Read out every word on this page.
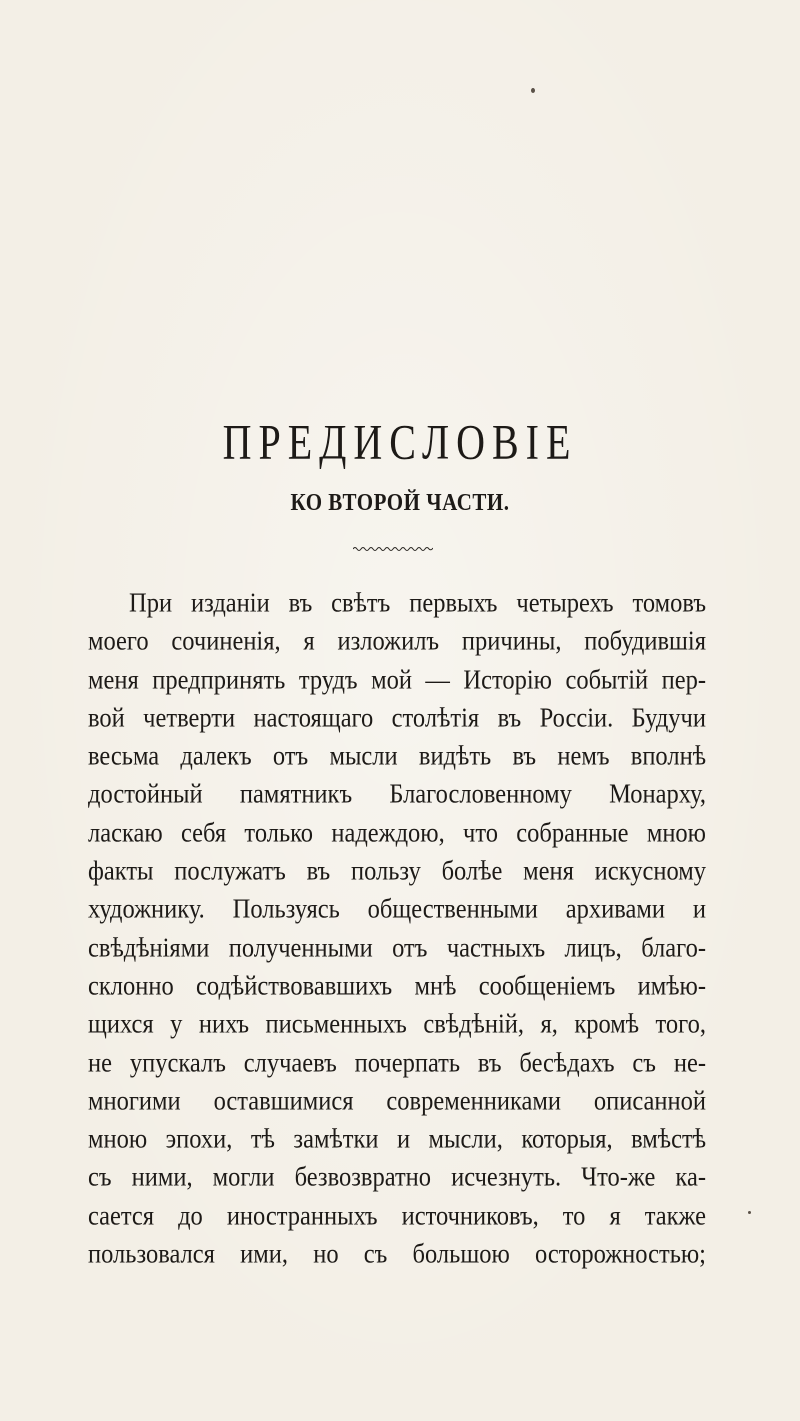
ПРЕДИСЛОВІЕ
КО ВТОРОЙ ЧАСТИ.
При изданіи въ свѣтъ первыхъ четырехъ томовъ
моего сочиненія, я изложилъ причины, побудившія
меня предпринять трудъ мой — Исторію событій пер-
вой четверти настоящаго столѣтія въ Россіи. Будучи
весьма далекъ отъ мысли видѣть въ немъ вполнѣ
достойный памятникъ Благословенному Монарху,
ласкаю себя только надеждою, что собранные мною
факты послужатъ въ пользу болѣе меня искусному
художнику. Пользуясь общественными архивами и
свѣдѣніями полученными отъ частныхъ лицъ, благо-
склонно содѣйствовавшихъ мнѣ сообщеніемъ имѣю-
щихся у нихъ письменныхъ свѣдѣній, я, кромѣ того,
не упускалъ случаевъ почерпать въ бесѣдахъ съ не-
многими оставшимися современниками описанной
мною эпохи, тѣ замѣтки и мысли, которыя, вмѣстѣ
съ ними, могли безвозвратно исчезнуть. Что-же ка-
сается до иностранныхъ источниковъ, то я также
пользовался ими, но съ большою осторожностью;
